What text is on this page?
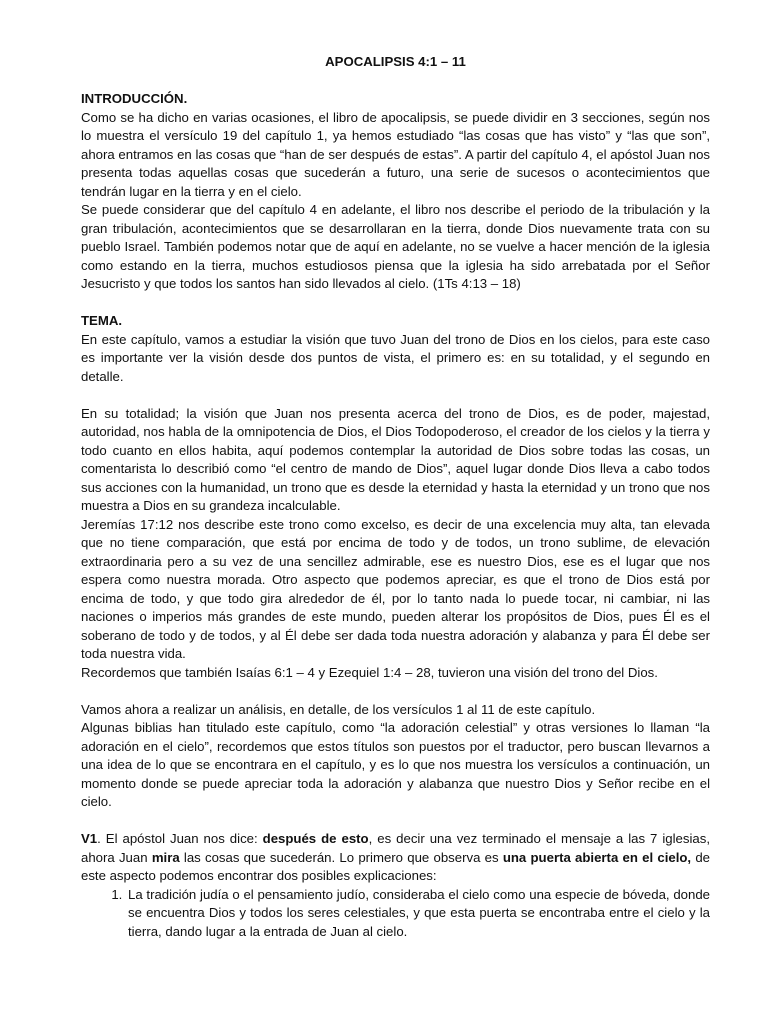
APOCALIPSIS 4:1 – 11
INTRODUCCIÓN.

Como se ha dicho en varias ocasiones, el libro de apocalipsis, se puede dividir en 3 secciones, según nos lo muestra el versículo 19 del capítulo 1, ya hemos estudiado “las cosas que has visto” y “las que son”, ahora entramos en las cosas que “han de ser después de estas”. A partir del capítulo 4, el apóstol Juan nos presenta todas aquellas cosas que sucederán a futuro, una serie de sucesos o acontecimientos que tendrán lugar en la tierra y en el cielo.

Se puede considerar que del capítulo 4 en adelante, el libro nos describe el periodo de la tribulación y la gran tribulación, acontecimientos que se desarrollaran en la tierra, donde Dios nuevamente trata con su pueblo Israel. También podemos notar que de aquí en adelante, no se vuelve a hacer mención de la iglesia como estando en la tierra, muchos estudiosos piensa que la iglesia ha sido arrebatada por el Señor Jesucristo y que todos los santos han sido llevados al cielo. (1Ts 4:13 – 18)

TEMA.

En este capítulo, vamos a estudiar la visión que tuvo Juan del trono de Dios en los cielos, para este caso es importante ver la visión desde dos puntos de vista, el primero es: en su totalidad, y el segundo en detalle.

En su totalidad; la visión que Juan nos presenta acerca del trono de Dios, es de poder, majestad, autoridad, nos habla de la omnipotencia de Dios, el Dios Todopoderoso, el creador de los cielos y la tierra y todo cuanto en ellos habita, aquí podemos contemplar la autoridad de Dios sobre todas las cosas, un comentarista lo describió como “el centro de mando de Dios”, aquel lugar donde Dios lleva a cabo todos sus acciones con la humanidad, un trono que es desde la eternidad y hasta la eternidad y un trono que nos muestra a Dios en su grandeza incalculable.

Jeremías 17:12 nos describe este trono como excelso, es decir de una excelencia muy alta, tan elevada que no tiene comparación, que está por encima de todo y de todos, un trono sublime, de elevación extraordinaria pero a su vez de una sencillez admirable, ese es nuestro Dios, ese es el lugar que nos espera como nuestra morada. Otro aspecto que podemos apreciar, es que el trono de Dios está por encima de todo, y que todo gira alrededor de él, por lo tanto nada lo puede tocar, ni cambiar, ni las naciones o imperios más grandes de este mundo, pueden alterar los propósitos de Dios, pues Él es el soberano de todo y de todos, y al Él debe ser dada toda nuestra adoración y alabanza y para Él debe ser toda nuestra vida.

Recordemos que también Isaías 6:1 – 4 y Ezequiel 1:4 – 28, tuvieron una visión del trono del Dios.

Vamos ahora a realizar un análisis, en detalle, de los versículos 1 al 11 de este capítulo.

Algunas biblias han titulado este capítulo, como “la adoración celestial” y otras versiones lo llaman “la adoración en el cielo”, recordemos que estos títulos son puestos por el traductor, pero buscan llevarnos a una idea de lo que se encontrara en el capítulo, y es lo que nos muestra los versículos a continuación, un momento donde se puede apreciar toda la adoración y alabanza que nuestro Dios y Señor recibe en el cielo.

V1. El apóstol Juan nos dice: después de esto, es decir una vez terminado el mensaje a las 7 iglesias, ahora Juan mira las cosas que sucederán. Lo primero que observa es una puerta abierta en el cielo, de este aspecto podemos encontrar dos posibles explicaciones:

1. La tradición judía o el pensamiento judío, consideraba el cielo como una especie de bóveda, donde se encuentra Dios y todos los seres celestiales, y que esta puerta se encontraba entre el cielo y la tierra, dando lugar a la entrada de Juan al cielo.
